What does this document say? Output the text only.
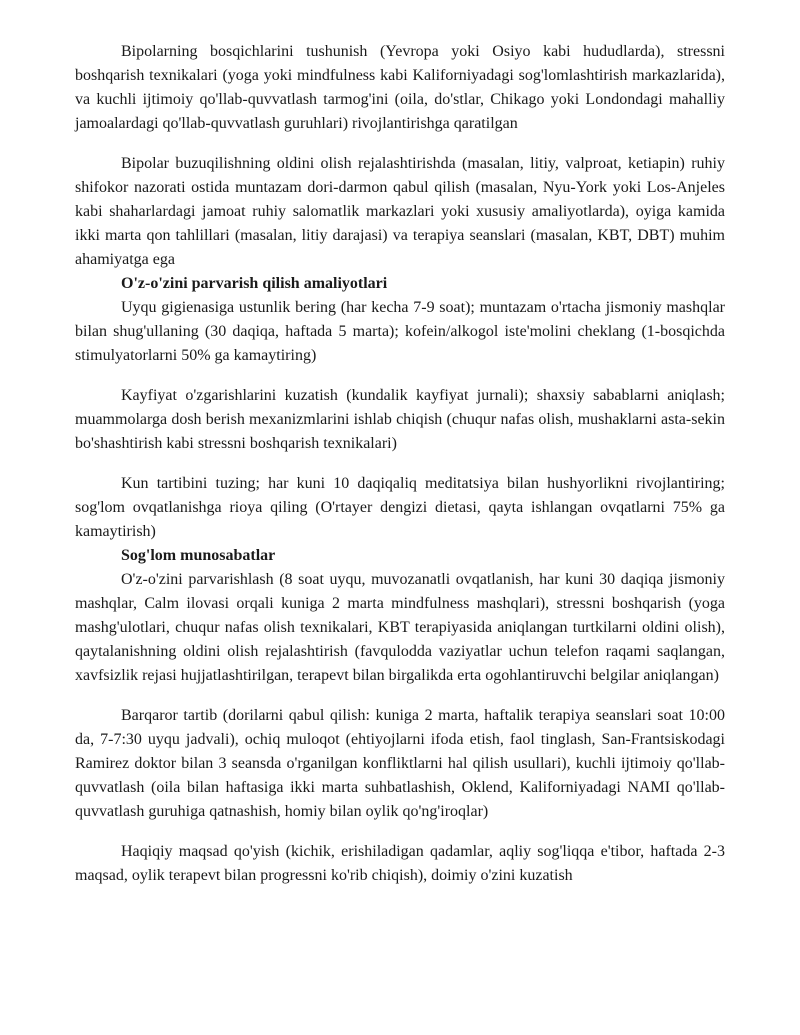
Bipolarning bosqichlarini tushunish (Yevropa yoki Osiyo kabi hududlarda), stressni boshqarish texnikalari (yoga yoki mindfulness kabi Kaliforniyadagi sog'lomlashtirish markazlarida), va kuchli ijtimoiy qo'llab-quvvatlash tarmog'ini (oila, do'stlar, Chikago yoki Londondagi mahalliy jamoalardagi qo'llab-quvvatlash guruhlari) rivojlantirishga qaratilgan

Bipolar buzuqilishning oldini olish rejalashtirishda (masalan, litiy, valproat, ketiapin) ruhiy shifokor nazorati ostida muntazam dori-darmon qabul qilish (masalan, Nyu-York yoki Los-Anjeles kabi shaharlardagi jamoat ruhiy salomatlik markazlari yoki xususiy amaliyotlarda), oyiga kamida ikki marta qon tahlillari (masalan, litiy darajasi) va terapiya seanslari (masalan, KBT, DBT) muhim ahamiyatga ega

O'z-o'zini parvarish qilish amaliyotlari

Uyqu gigienasiga ustunlik bering (har kecha 7-9 soat); muntazam o'rtacha jismoniy mashqlar bilan shug'ullaning (30 daqiqa, haftada 5 marta); kofein/alkogol iste'molini cheklang (1-bosqichda stimulyatorlarni 50% ga kamaytiring)

Kayfiyat o'zgarishlarini kuzatish (kundalik kayfiyat jurnali); shaxsiy sabablarni aniqlash; muammolarga dosh berish mexanizmlarini ishlab chiqish (chuqur nafas olish, mushaklarni asta-sekin bo'shashtirish kabi stressni boshqarish texnikalari)

Kun tartibini tuzing; har kuni 10 daqiqaliq meditatsiya bilan hushyorlikni rivojlantiring; sog'lom ovqatlanishga rioya qiling (O'rtayer dengizi dietasi, qayta ishlangan ovqatlarni 75% ga kamaytirish)

Sog'lom munosabatlar

O'z-o'zini parvarishlash (8 soat uyqu, muvozanatli ovqatlanish, har kuni 30 daqiqa jismoniy mashqlar, Calm ilovasi orqali kuniga 2 marta mindfulness mashqlari), stressni boshqarish (yoga mashg'ulotlari, chuqur nafas olish texnikalari, KBT terapiyasida aniqlangan turtkilarni oldini olish), qaytalanishning oldini olish rejalashtirish (favqulodda vaziyatlar uchun telefon raqami saqlangan, xavfsizlik rejasi hujjatlashtirilgan, terapevt bilan birgalikda erta ogohlantiruvchi belgilar aniqlangan)

Barqaror tartib (dorilarni qabul qilish: kuniga 2 marta, haftalik terapiya seanslari soat 10:00 da, 7-7:30 uyqu jadvali), ochiq muloqot (ehtiyojlarni ifoda etish, faol tinglash, San-Frantsiskodagi Ramirez doktor bilan 3 seansda o'rganilgan konfliktlarni hal qilish usullari), kuchli ijtimoiy qo'llab-quvvatlash (oila bilan haftasiga ikki marta suhbatlashish, Oklend, Kaliforniyadagi NAMI qo'llab-quvvatlash guruhiga qatnashish, homiy bilan oylik qo'ng'iroqlar)

Haqiqiy maqsad qo'yish (kichik, erishiladigan qadamlar, aqliy sog'liqqa e'tibor, haftada 2-3 maqsad, oylik terapevt bilan progressni ko'rib chiqish), doimiy o'zini kuzatish
